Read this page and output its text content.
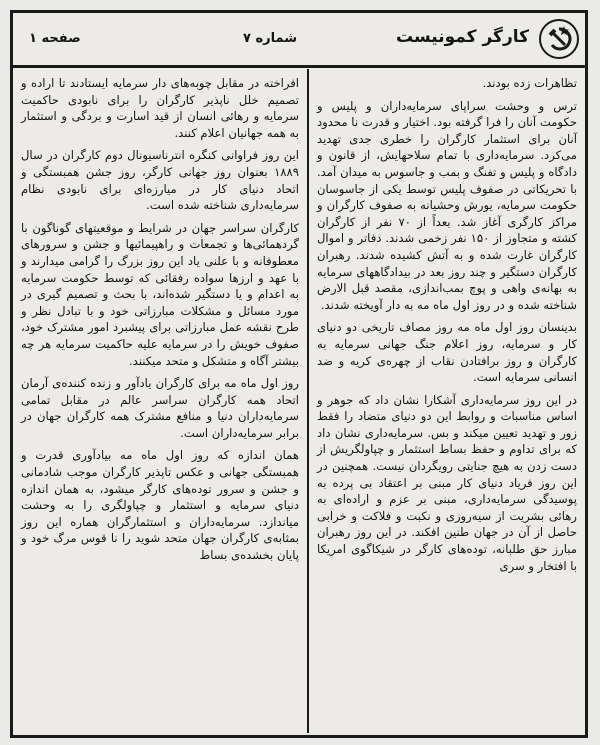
کارگر کمونیست
شماره ۷
صفحه ۱

تظاهرات زده بودند.

ترس و وحشت سراپای سرمایه‌داران و پلیس و حکومت آنان را فرا گرفته بود. اختیار و قدرت نا محدود آنان برای استثمار کارگران را خطری جدی تهدید می‌کرد. سرمایه‌داری با تمام سلاحهایش، از قانون و دادگاه و پلیس و تفنگ و بمب و جاسوس به میدان آمد. با تحریکاتی در صفوف پلیس توسط یکی از جاسوسان حکومت سرمایه، یورش وحشیانه به صفوف کارگران و مراکز کارگری آغاز شد. بعداً از ۷۰ نفر از کارگران کشته و متجاوز از ۱۵۰ نفر زخمی شدند. دفاتر و اموال کارگران غارت شده و به آتش کشیده شدند. رهبران کارگران دستگیر و چند روز بعد در بیدادگاههای سرمایه به بهانه‌ی واهی و پوچ بمب‌اندازی، مقصد قبل الارض شناخته شده و در روز اول ماه مه به دار آویخته شدند.

بدینسان روز اول ماه مه روز مصاف تاریخی دو دنیای کار و سرمایه، روز اعلام جنگ جهانی سرمایه به کارگران و روز برافتادن نقاب از چهره‌ی کریه و ضد انسانی سرمایه است.

در این روز سرمایه‌داری آشکارا نشان داد که جوهر و اساس مناسبات و روابط این دو دنیای متضاد را فقط زور و تهدید تعیین میکند و بس. سرمایه‌داری نشان داد که برای تداوم و حفظ بساط استثمار و چپاولگریش از دست زدن به هیچ جنایتی رویگردان نیست. همچنین در این روز فریاد دنیای کار مبنی بر اعتقاد بی پرده به پوسیدگی سرمایه‌داری، مبنی بر عزم و اراده‌ای به رهائی بشریت از سیه‌روزی و نکبت و فلاکت و خرابی حاصل از آن در جهان طنین افکند. در این روز رهبران مبارز حق طلبانه، توده‌های کارگر در شیکاگوی امریکا با افتخار و سری

افراخته در مقابل چوبه‌های دار سرمایه ایستادند تا اراده و تصمیم خلل ناپذیر کارگران را برای نابودی حاکمیت سرمایه و رهائی انسان از قید اسارت و بردگی و استثمار به همه جهانیان اعلام کنند.

این روز فراوانی کنگره انترناسیونال دوم کارگران در سال ۱۸۸۹ بعنوان روز جهانی کارگر، روز جشن همبستگی و اتحاد دنیای کار در میارزه‌ای برای نابودی نظام سرمایه‌داری شناخته شده است.

کارگران سراسر جهان در شرایط و موقعیتهای گوناگون با گردهمائی‌ها و تجمعات و راهپیمائیها و جشن و سرورهای معطوفانه و با علنی یاد این روز بزرگ را گرامی میدارند و با عهد و ارزها سواده رفقائی که توسط حکومت سرمایه به اعدام و یا دستگیر شده‌اند، با بحث و تصمیم گیری در مورد مسائل و مشکلات مبارزاتی خود و با تبادل نظر و طرح نقشه عمل مبارزاتی برای پیشبرد امور مشترک خود، صفوف خویش را در سرمایه علیه حاکمیت سرمایه هر چه بیشتر آگاه و متشکل و متحد میکنند.

روز اول ماه مه برای کارگران یادآور و زنده کننده‌ی آرمان اتحاد همه کارگران سراسر عالم در مقابل تمامی سرمایه‌داران دنیا و منافع مشترک همه کارگران جهان در برابر سرمایه‌داران است.

همان اندازه که روز اول ماه مه بیادآوری قدرت و همبستگی جهانی و عکس تاپذیر کارگران موجب شادمانی و جشن و سرور توده‌های کارگر میشود، به همان اندازه دنیای سرمایه و استثمار و چپاولگری را به وحشت میاندازد. سرمایه‌داران و استثمارگران هماره این روز بمثابه‌ی کارگران جهان متحد شوید را نا قوس مرگ خود و پایان بخشده‌ی بساط
